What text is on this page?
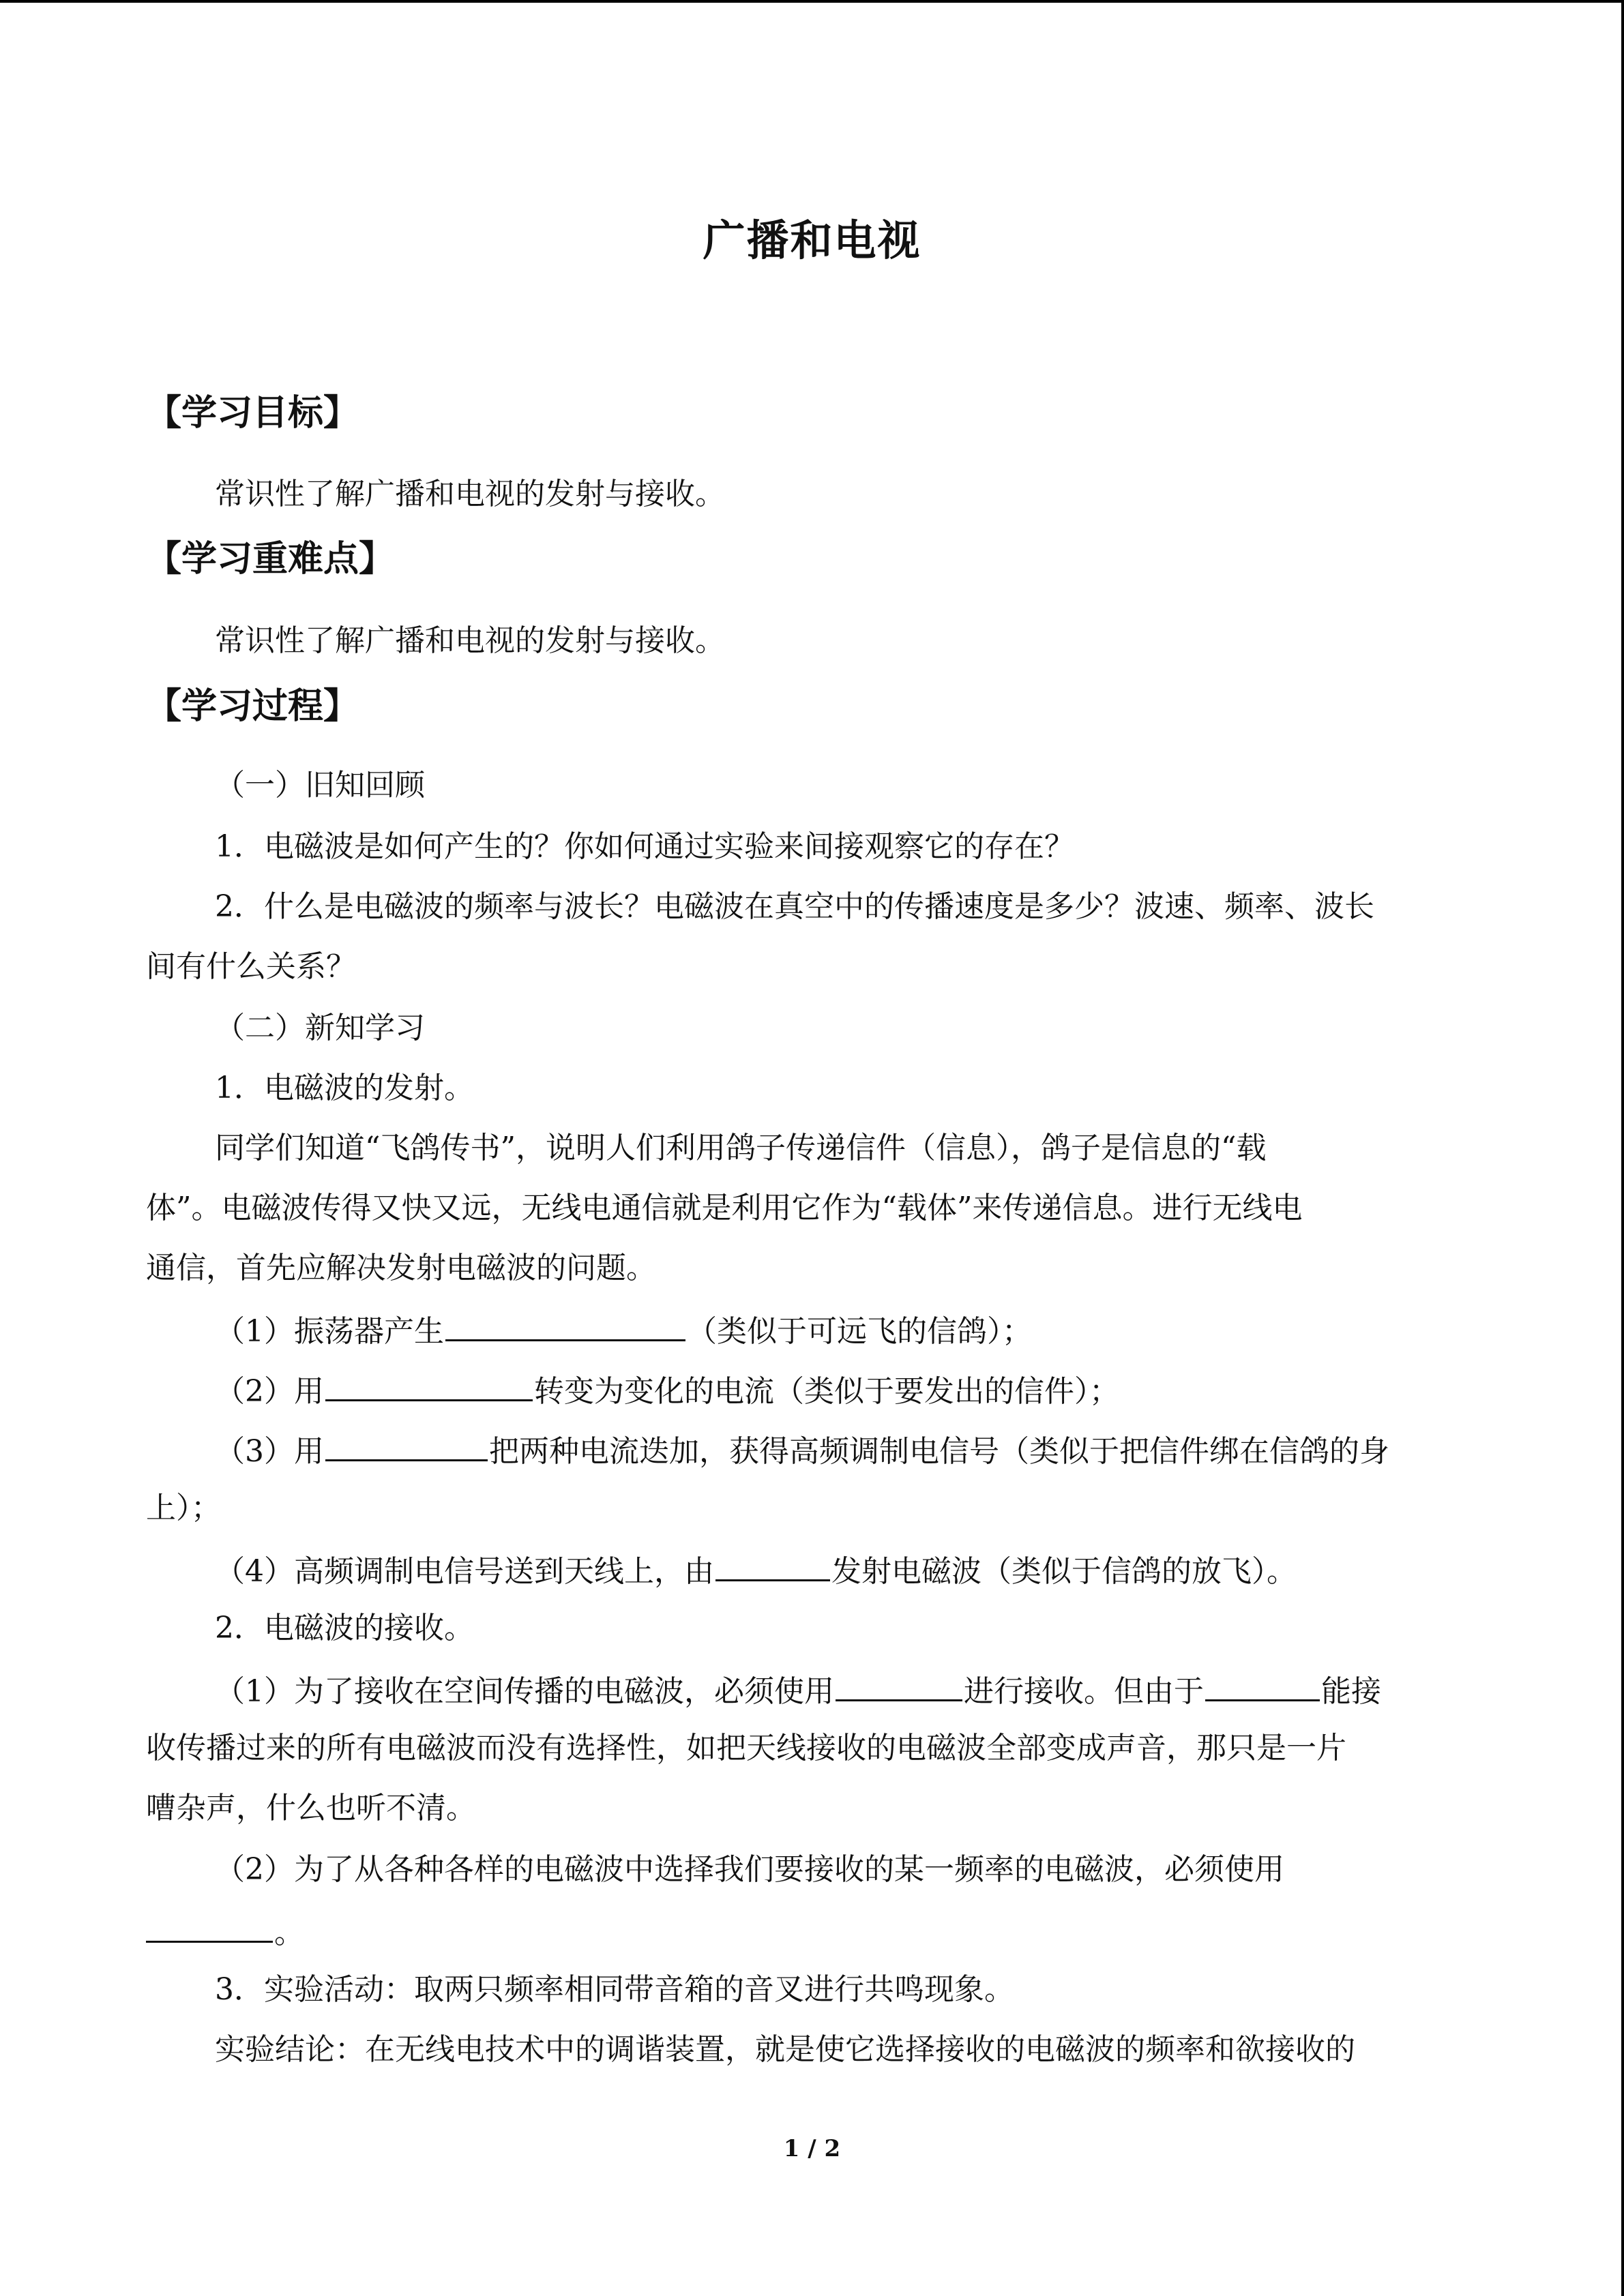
广播和电视
【学习目标】
常识性了解广播和电视的发射与接收。
【学习重难点】
常识性了解广播和电视的发射与接收。
【学习过程】
（一）旧知回顾
1．电磁波是如何产生的？你如何通过实验来间接观察它的存在？
2．什么是电磁波的频率与波长？电磁波在真空中的传播速度是多少？波速、频率、波长
间有什么关系？
（二）新知学习
1．电磁波的发射。
同学们知道“飞鸽传书”，说明人们利用鸽子传递信件（信息），鸽子是信息的“载
体”。电磁波传得又快又远，无线电通信就是利用它作为“载体”来传递信息。进行无线电
通信，首先应解决发射电磁波的问题。
（1）振荡器产生	（类似于可远飞的信鸽）；
（2）用	转变为变化的电流（类似于要发出的信件）；
（3）用	把两种电流迭加，获得高频调制电信号（类似于把信件绑在信鸽的身
上）；
（4）高频调制电信号送到天线上，由	发射电磁波（类似于信鸽的放飞）。
2．电磁波的接收。
（1）为了接收在空间传播的电磁波，必须使用	进行接收。但由于	能接
收传播过来的所有电磁波而没有选择性，如把天线接收的电磁波全部变成声音，那只是一片
嘈杂声，什么也听不清。
（2）为了从各种各样的电磁波中选择我们要接收的某一频率的电磁波，必须使用
。
3．实验活动：取两只频率相同带音箱的音叉进行共鸣现象。
实验结论：在无线电技术中的调谐装置，就是使它选择接收的电磁波的频率和欲接收的
1 / 2
